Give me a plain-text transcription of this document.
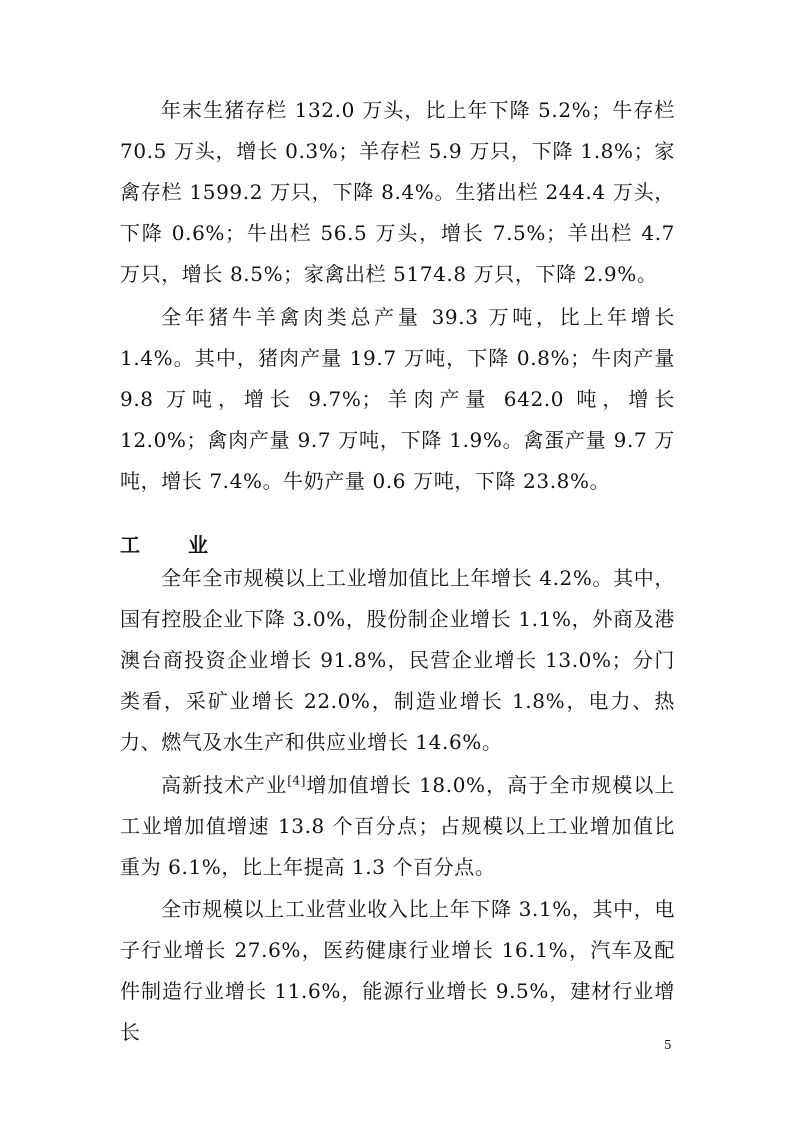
年末生猪存栏 132.0 万头，比上年下降 5.2%；牛存栏 70.5 万头，增长 0.3%；羊存栏 5.9 万只，下降 1.8%；家禽存栏 1599.2 万只，下降 8.4%。生猪出栏 244.4 万头，下降 0.6%；牛出栏 56.5 万头，增长 7.5%；羊出栏 4.7 万只，增长 8.5%；家禽出栏 5174.8 万只，下降 2.9%。

全年猪牛羊禽肉类总产量 39.3 万吨，比上年增长 1.4%。其中，猪肉产量 19.7 万吨，下降 0.8%；牛肉产量 9.8 万吨，增长 9.7%；羊肉产量 642.0 吨，增长 12.0%；禽肉产量 9.7 万吨，下降 1.9%。禽蛋产量 9.7 万吨，增长 7.4%。牛奶产量 0.6 万吨，下降 23.8%。

工　业

全年全市规模以上工业增加值比上年增长 4.2%。其中，国有控股企业下降 3.0%，股份制企业增长 1.1%，外商及港澳台商投资企业增长 91.8%，民营企业增长 13.0%；分门类看，采矿业增长 22.0%，制造业增长 1.8%，电力、热力、燃气及水生产和供应业增长 14.6%。

高新技术产业[4]增加值增长 18.0%，高于全市规模以上工业增加值增速 13.8 个百分点；占规模以上工业增加值比重为 6.1%，比上年提高 1.3 个百分点。

全市规模以上工业营业收入比上年下降 3.1%，其中，电子行业增长 27.6%，医药健康行业增长 16.1%，汽车及配件制造行业增长 11.6%，能源行业增长 9.5%，建材行业增长

5
